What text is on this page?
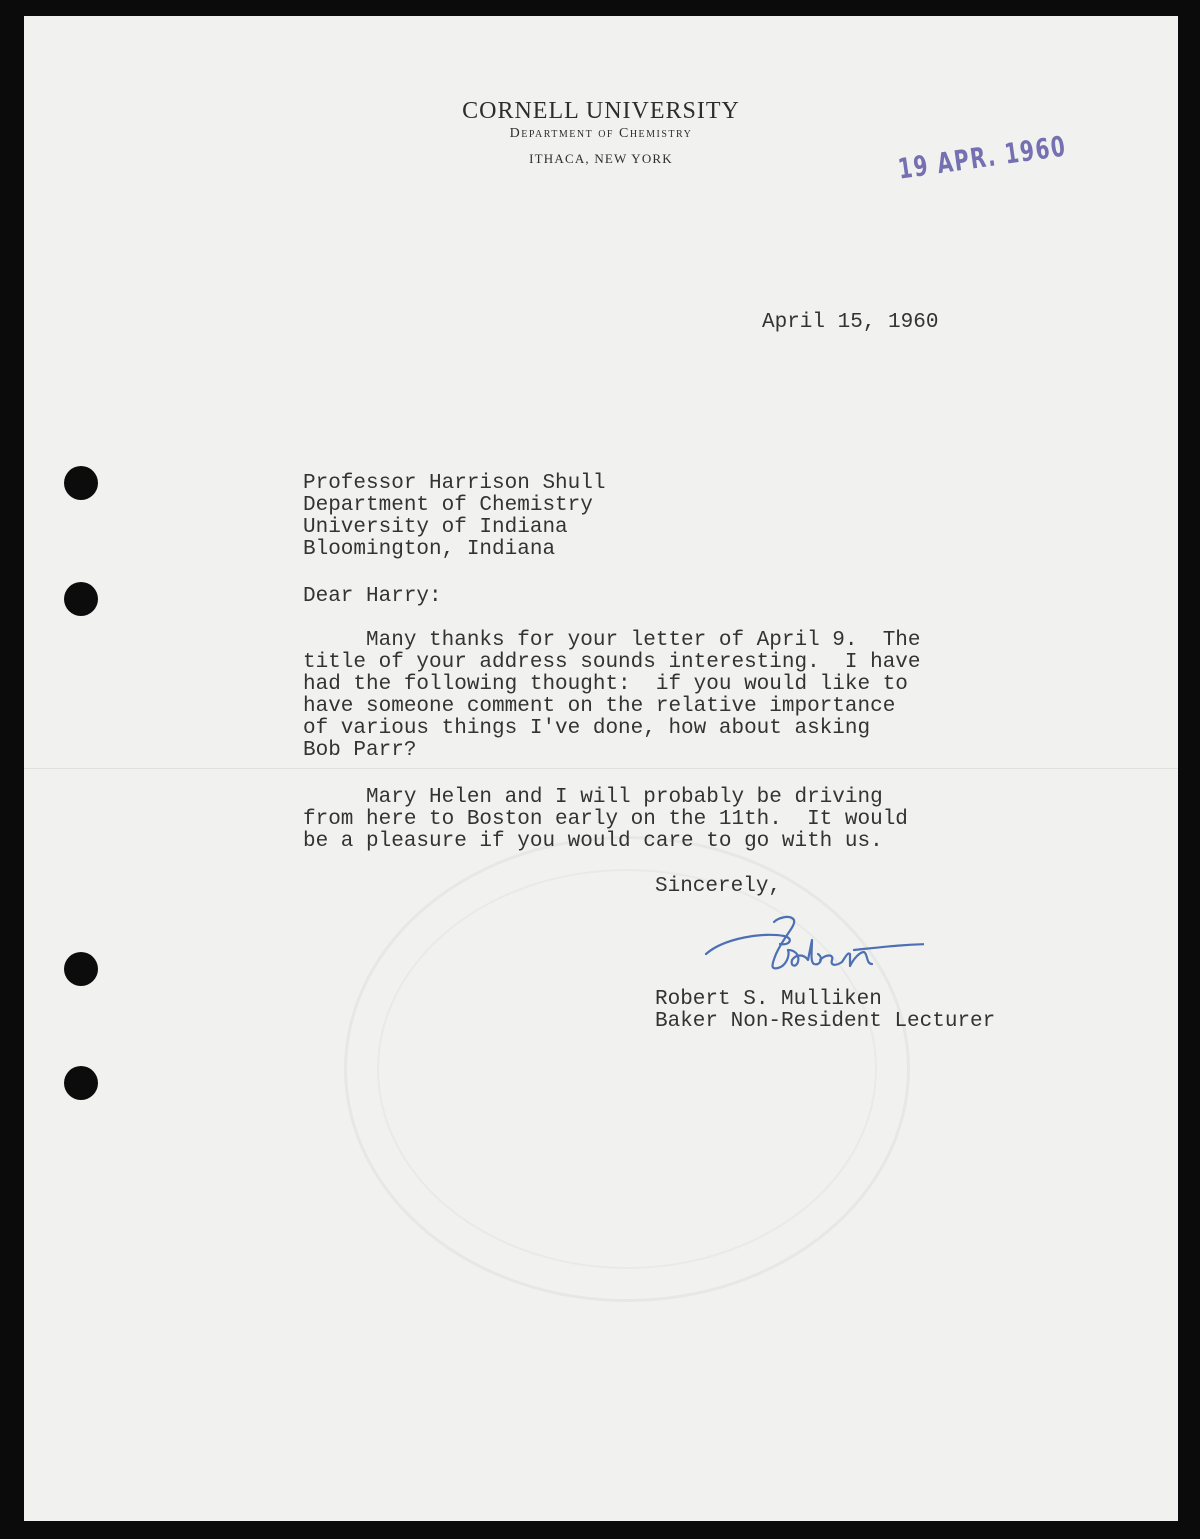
CORNELL UNIVERSITY
Department of Chemistry
ITHACA, NEW YORK	19 APR. 1960
April 15, 1960
Professor Harrison Shull
Department of Chemistry
University of Indiana
Bloomington, Indiana
Dear Harry:
Many thanks for your letter of April 9.  The
title of your address sounds interesting.  I have
had the following thought:  if you would like to
have someone comment on the relative importance
of various things I've done, how about asking
Bob Parr?
Mary Helen and I will probably be driving
from here to Boston early on the 11th.  It would
be a pleasure if you would care to go with us.
Sincerely,
Robert S. Mulliken
Baker Non-Resident Lecturer
